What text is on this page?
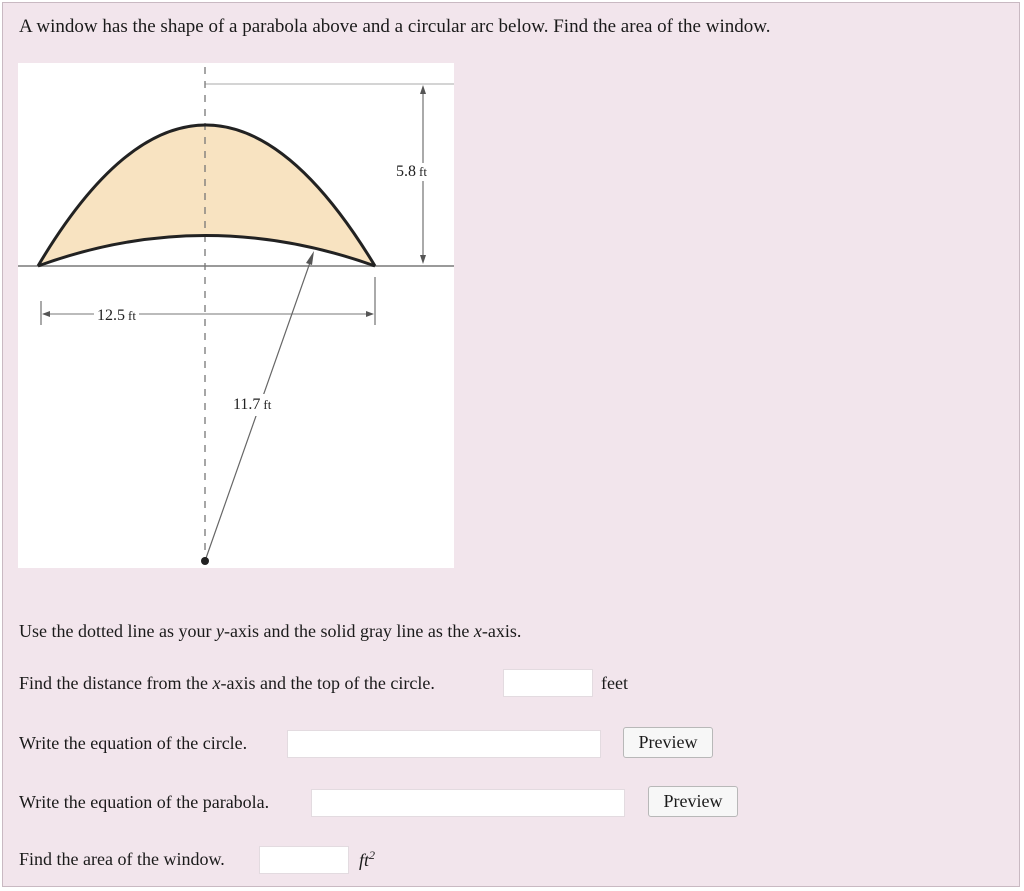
A window has the shape of a parabola above and a circular arc below. Find the area of the window.
5.8 ft
12.5 ft
11.7 ft
Use the dotted line as your y-axis and the solid gray line as the x-axis.
Find the distance from the x-axis and the top of the circle.	feet
Write the equation of the circle.	Preview
Write the equation of the parabola.	Preview
Find the area of the window.	$ft^2$
